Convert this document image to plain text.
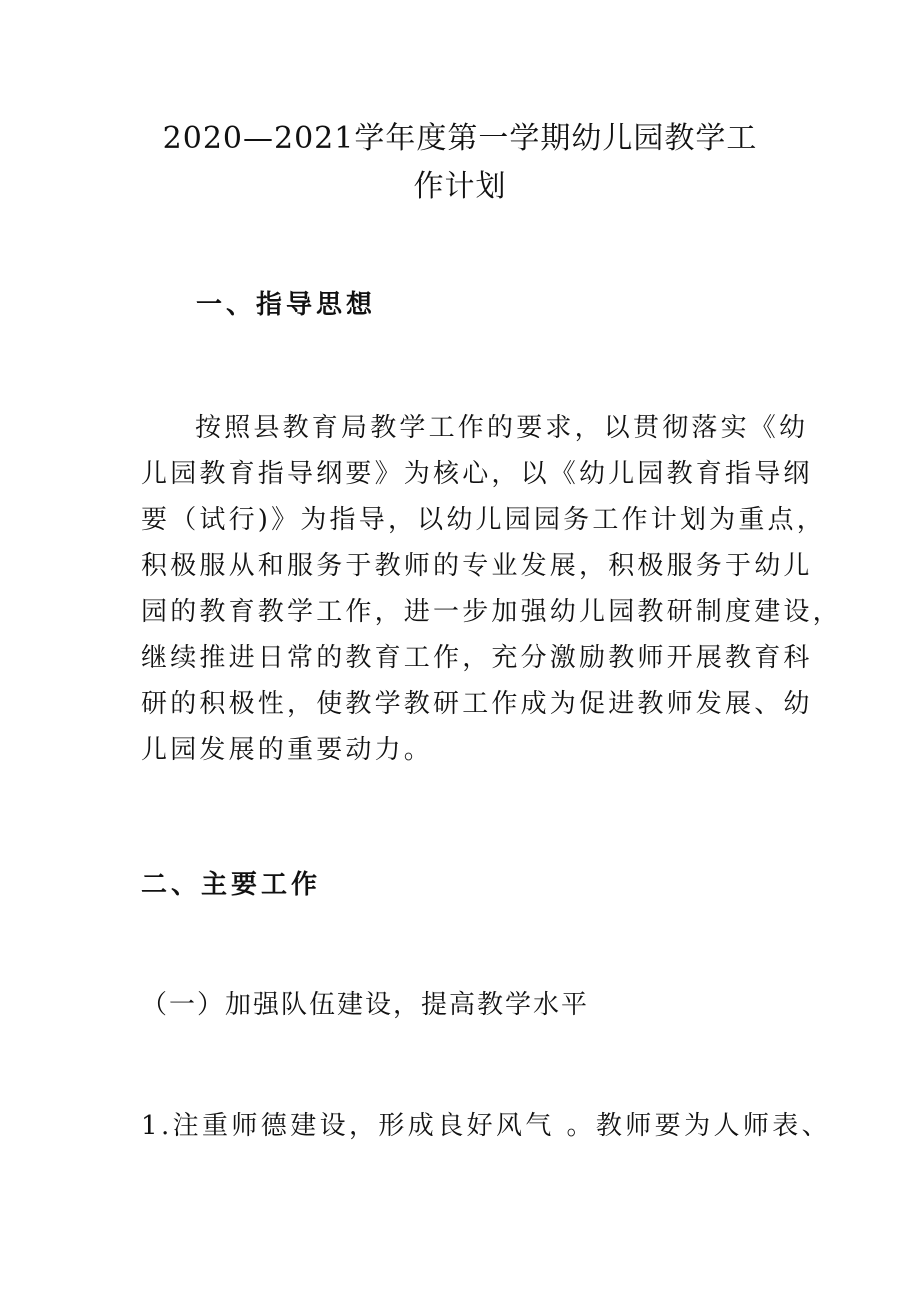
2020—2021学年度第一学期幼儿园教学工
作计划
一、指导思想
按照县教育局教学工作的要求，以贯彻落实《幼
儿园教育指导纲要》为核心，以《幼儿园教育指导纲
要（试行)》为指导，以幼儿园园务工作计划为重点，
积极服从和服务于教师的专业发展，积极服务于幼儿
园的教育教学工作，进一步加强幼儿园教研制度建设，
继续推进日常的教育工作，充分激励教师开展教育科
研的积极性，使教学教研工作成为促进教师发展、幼
儿园发展的重要动力。
二、主要工作
（一）加强队伍建设，提高教学水平

1.注重师德建设，形成良好风气 。教师要为人师表、
